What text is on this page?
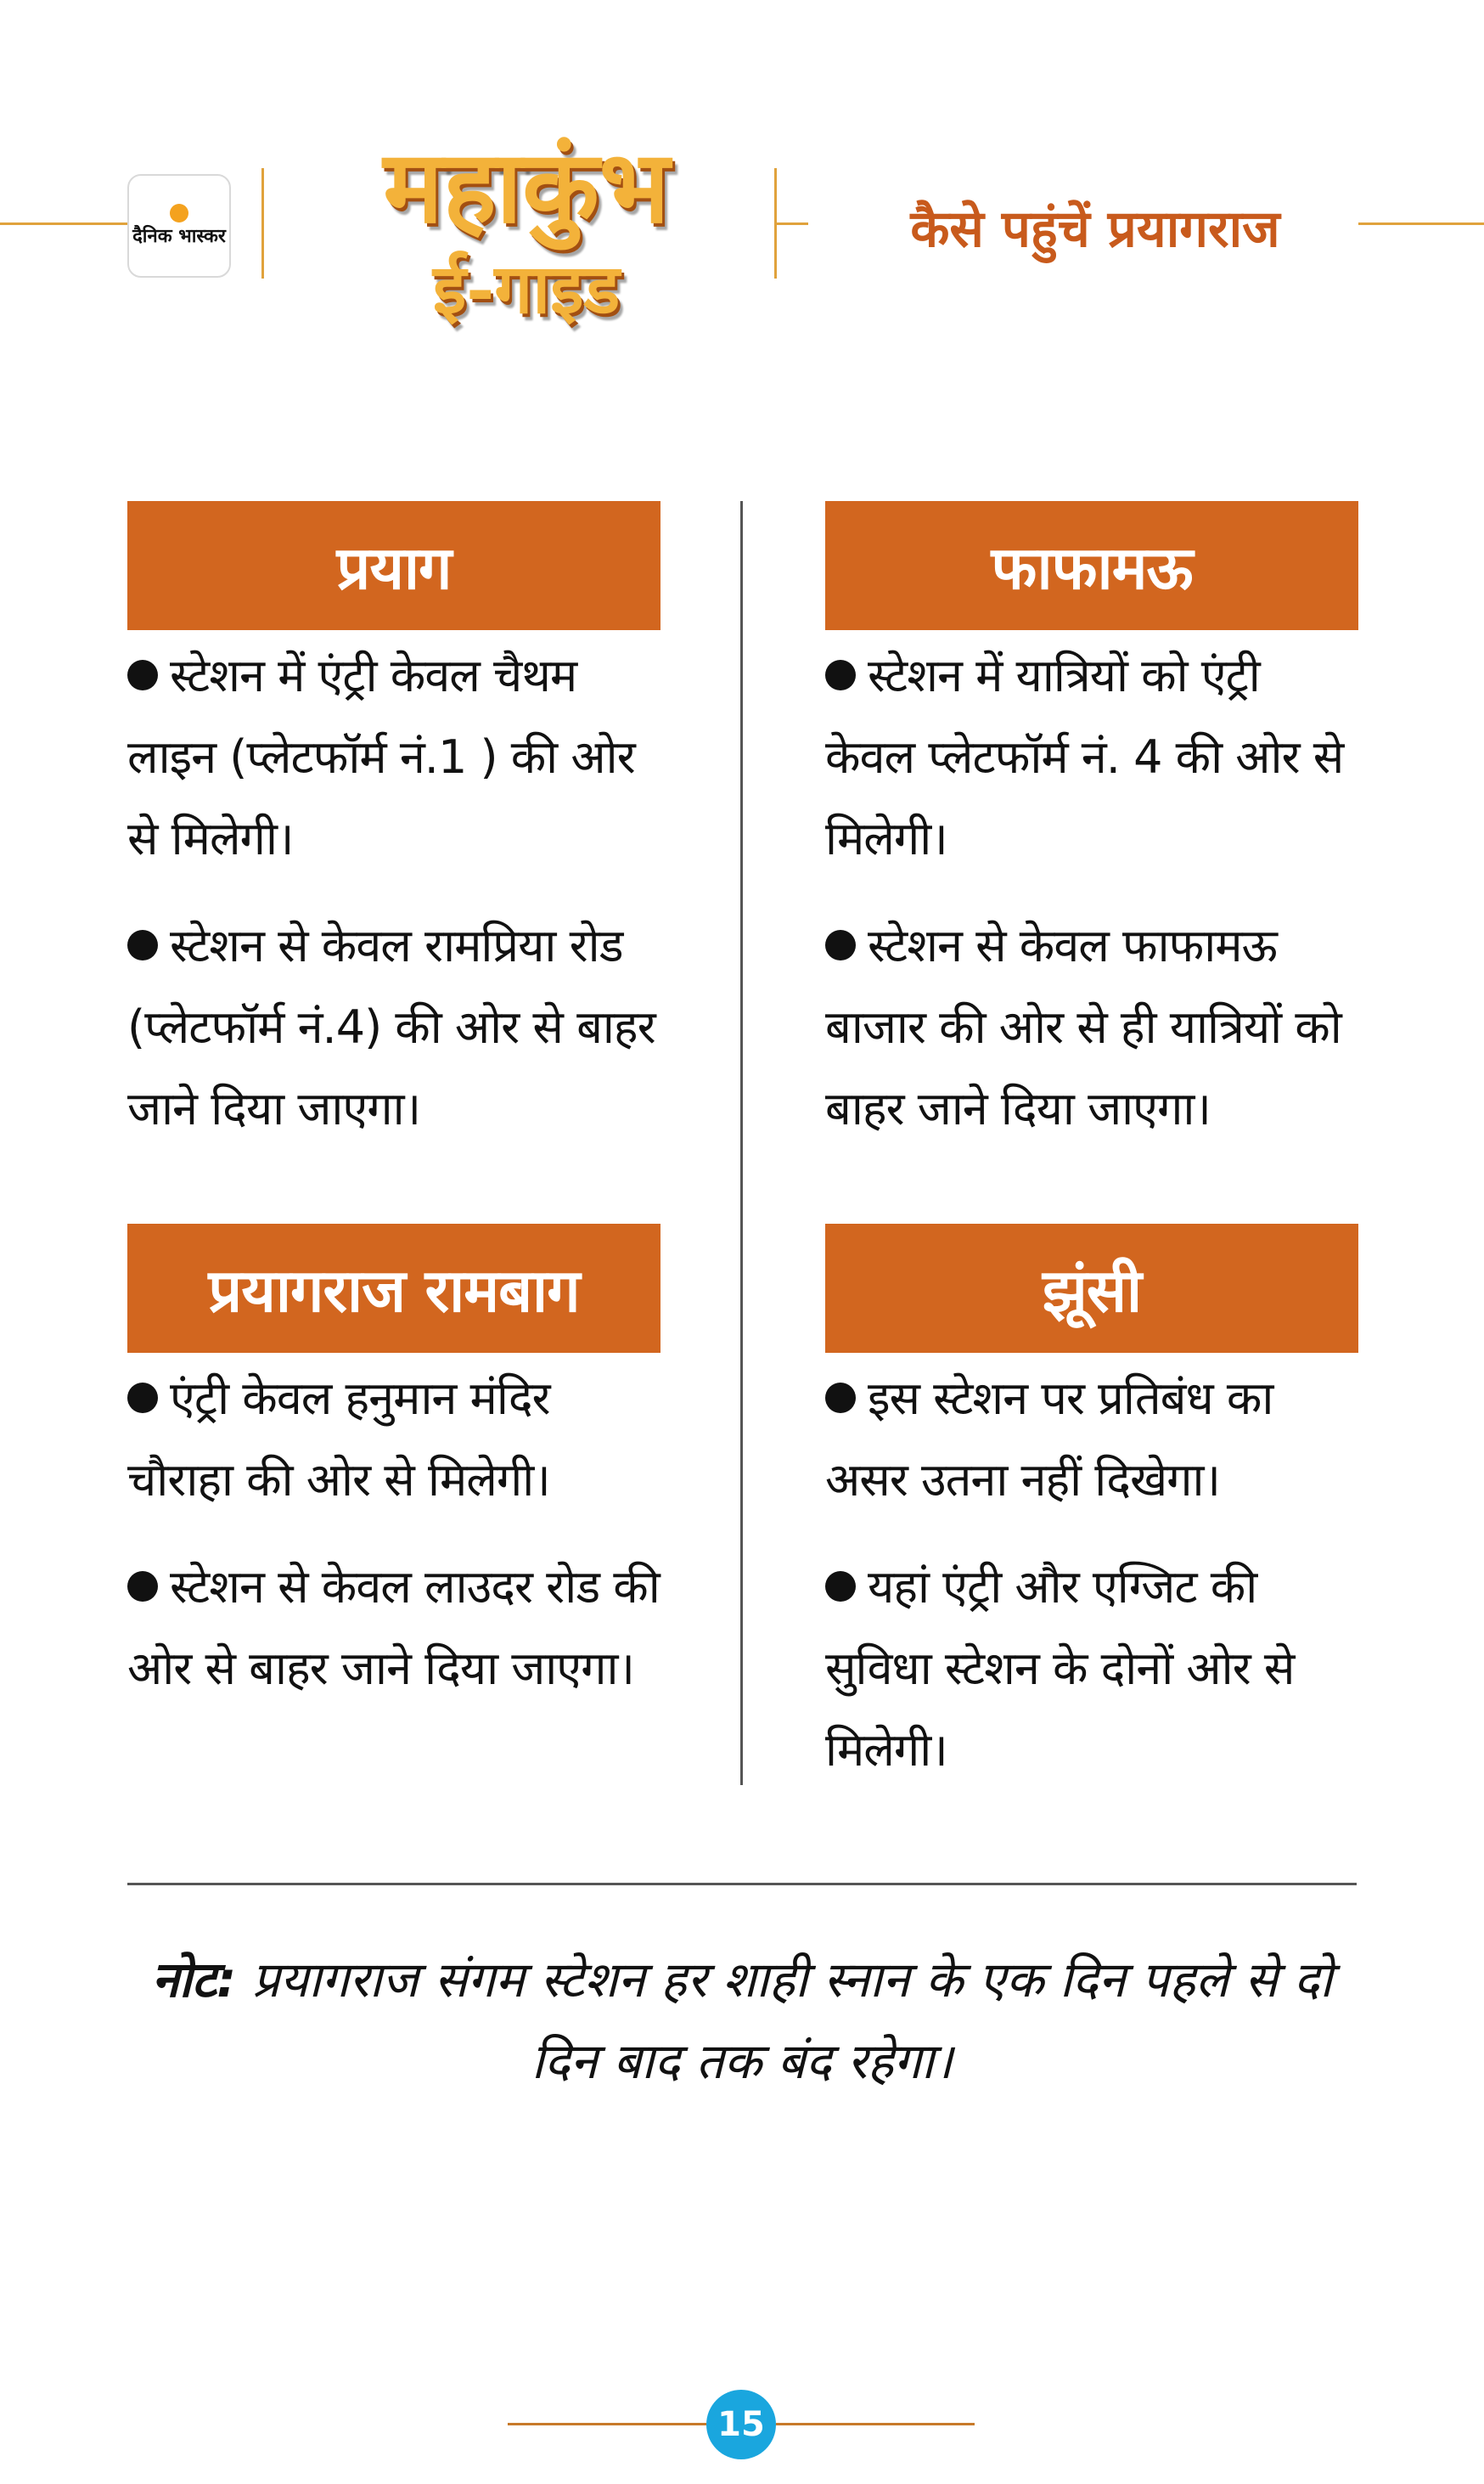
दैनिक भास्कर	महाकुंभ
ई-गाइड
कैसे पहुंचें प्रयागराज
प्रयाग

स्टेशन में एंट्री केवल चैथम लाइन (प्लेटफॉर्म नं.1 ) की ओर से मिलेगी।

स्टेशन से केवल रामप्रिया रोड (प्लेटफॉर्म नं.4) की ओर से बाहर जाने दिया जाएगा।

फाफामऊ

स्टेशन में यात्रियों को एंट्री केवल प्लेटफॉर्म नं. 4 की ओर से मिलेगी।

स्टेशन से केवल फाफामऊ बाजार की ओर से ही यात्रियों को बाहर जाने दिया जाएगा।

प्रयागराज रामबाग

एंट्री केवल हनुमान मंदिर चौराहा की ओर से मिलेगी।

स्टेशन से केवल लाउदर रोड की ओर से बाहर जाने दिया जाएगा।

झूंसी

इस स्टेशन पर प्रतिबंध का असर उतना नहीं दिखेगा।

यहां एंट्री और एग्जिट की सुविधा स्टेशन के दोनों ओर से मिलेगी।

नोट: प्रयागराज संगम स्टेशन हर शाही स्नान के एक दिन पहले से दो दिन बाद तक बंद रहेगा।
15
